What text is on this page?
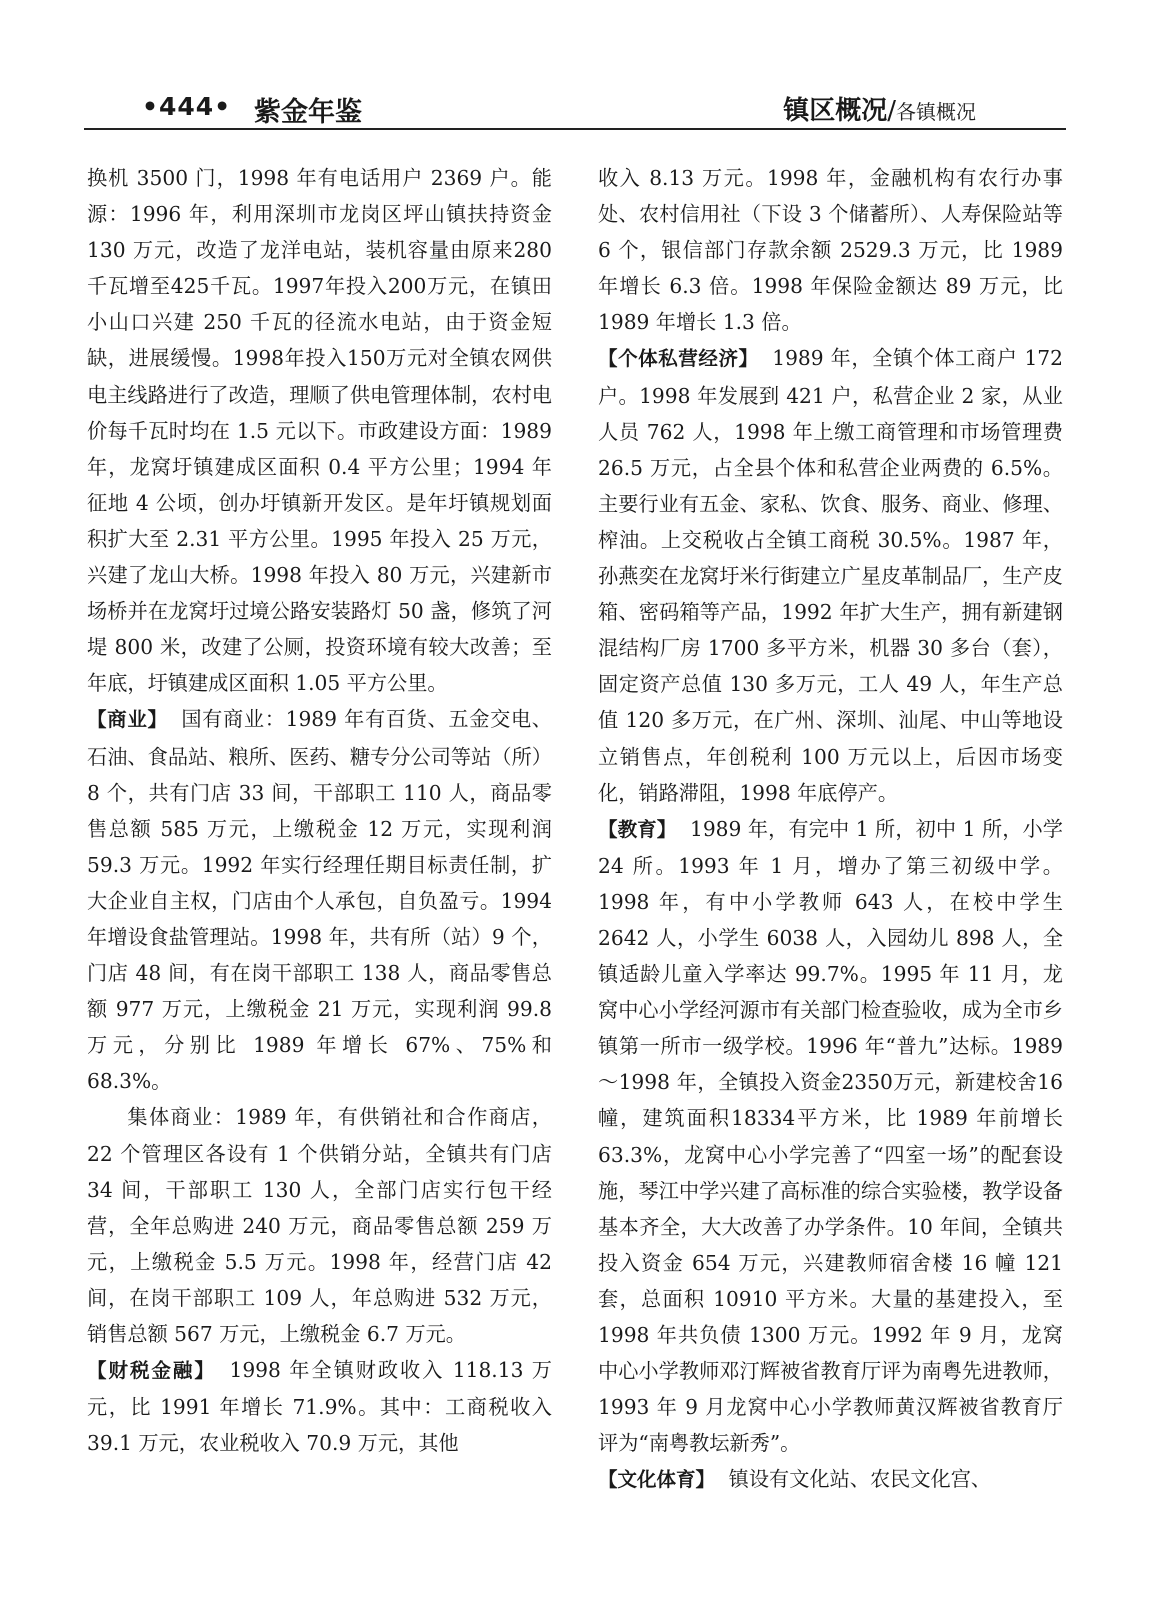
•444• 紫金年鉴	镇区概况/各镇概况

换机 3500 门，1998 年有电话用户 2369 户。能源：1996 年，利用深圳市龙岗区坪山镇扶持资金 130 万元，改造了龙洋电站，装机容量由原来280千瓦增至425千瓦。1997年投入200万元，在镇田小山口兴建 250 千瓦的径流水电站，由于资金短缺，进展缓慢。1998年投入150万元对全镇农网供电主线路进行了改造，理顺了供电管理体制，农村电价每千瓦时均在 1.5 元以下。市政建设方面：1989 年，龙窝圩镇建成区面积 0.4 平方公里；1994 年征地 4 公顷，创办圩镇新开发区。是年圩镇规划面积扩大至 2.31 平方公里。1995 年投入 25 万元，兴建了龙山大桥。1998 年投入 80 万元，兴建新市场桥并在龙窝圩过境公路安装路灯 50 盏，修筑了河堤 800 米，改建了公厕，投资环境有较大改善；至年底，圩镇建成区面积 1.05 平方公里。

【商业】 国有商业：1989 年有百货、五金交电、石油、食品站、粮所、医药、糖专分公司等站（所）8 个，共有门店 33 间，干部职工 110 人，商品零售总额 585 万元，上缴税金 12 万元，实现利润 59.3 万元。1992 年实行经理任期目标责任制，扩大企业自主权，门店由个人承包，自负盈亏。1994 年增设食盐管理站。1998 年，共有所（站）9 个，门店 48 间，有在岗干部职工 138 人，商品零售总额 977 万元，上缴税金 21 万元，实现利润 99.8 万元，分别比 1989 年增长 67%、75%和 68.3%。

集体商业：1989 年，有供销社和合作商店，22 个管理区各设有 1 个供销分站，全镇共有门店 34 间，干部职工 130 人，全部门店实行包干经营，全年总购进 240 万元，商品零售总额 259 万元，上缴税金 5.5 万元。1998 年，经营门店 42 间，在岗干部职工 109 人，年总购进 532 万元，销售总额 567 万元，上缴税金 6.7 万元。

【财税金融】 1998 年全镇财政收入 118.13 万元，比 1991 年增长 71.9%。其中：工商税收入 39.1 万元，农业税收入 70.9 万元，其他

收入 8.13 万元。1998 年，金融机构有农行办事处、农村信用社（下设 3 个储蓄所）、人寿保险站等 6 个，银信部门存款余额 2529.3 万元，比 1989 年增长 6.3 倍。1998 年保险金额达 89 万元，比 1989 年增长 1.3 倍。

【个体私营经济】 1989 年，全镇个体工商户 172 户。1998 年发展到 421 户，私营企业 2 家，从业人员 762 人，1998 年上缴工商管理和市场管理费 26.5 万元，占全县个体和私营企业两费的 6.5%。主要行业有五金、家私、饮食、服务、商业、修理、榨油。上交税收占全镇工商税 30.5%。1987 年，孙燕奕在龙窝圩米行街建立广星皮革制品厂，生产皮箱、密码箱等产品，1992 年扩大生产，拥有新建钢混结构厂房 1700 多平方米，机器 30 多台（套），固定资产总值 130 多万元，工人 49 人，年生产总值 120 多万元，在广州、深圳、汕尾、中山等地设立销售点，年创税利 100 万元以上，后因市场变化，销路滞阻，1998 年底停产。

【教育】 1989 年，有完中 1 所，初中 1 所，小学 24 所。1993 年 1 月，增办了第三初级中学。1998 年，有中小学教师 643 人，在校中学生 2642 人，小学生 6038 人，入园幼儿 898 人，全镇适龄儿童入学率达 99.7%。1995 年 11 月，龙窝中心小学经河源市有关部门检查验收，成为全市乡镇第一所市一级学校。1996 年“普九”达标。1989～1998 年，全镇投入资金2350万元，新建校舍16幢，建筑面积18334平方米，比 1989 年前增长 63.3%，龙窝中心小学完善了“四室一场”的配套设施，琴江中学兴建了高标准的综合实验楼，教学设备基本齐全，大大改善了办学条件。10 年间，全镇共投入资金 654 万元，兴建教师宿舍楼 16 幢 121 套，总面积 10910 平方米。大量的基建投入，至 1998 年共负债 1300 万元。1992 年 9 月，龙窝中心小学教师邓汀辉被省教育厅评为南粤先进教师，1993 年 9 月龙窝中心小学教师黄汉辉被省教育厅评为“南粤教坛新秀”。

【文化体育】 镇设有文化站、农民文化宫、
